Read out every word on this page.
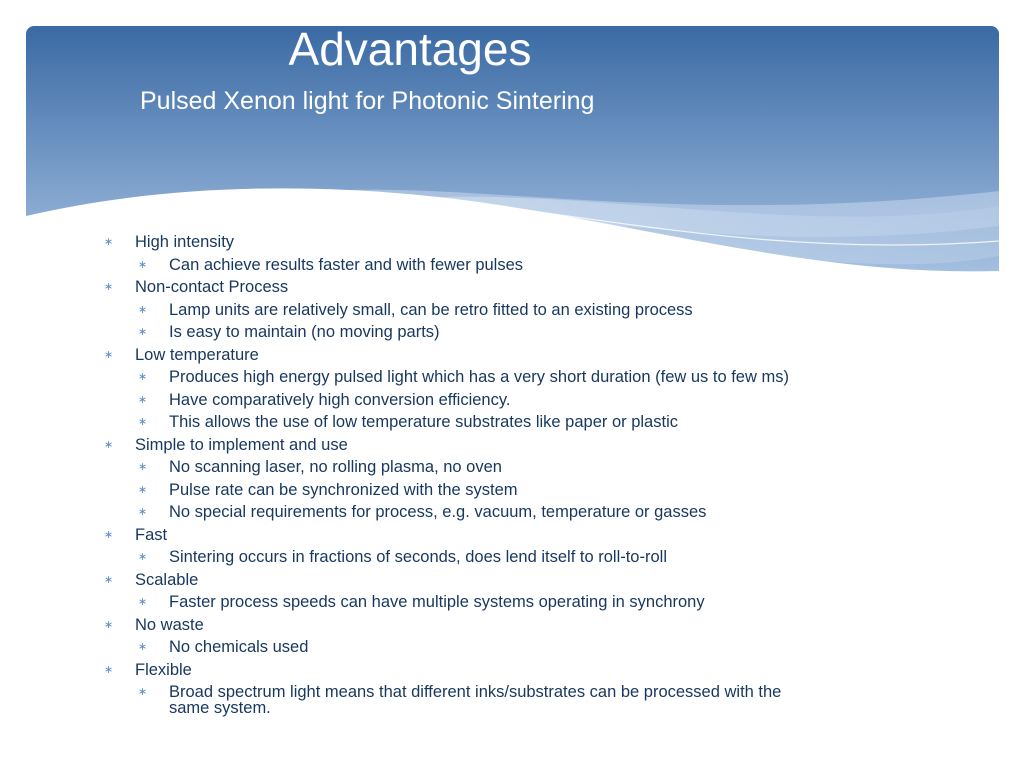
Advantages
Pulsed Xenon light for Photonic Sintering
∗ High intensity
∗ Can achieve results faster and with fewer pulses
∗ Non-contact Process
∗ Lamp units are relatively small, can be retro fitted to an existing process
∗ Is easy to maintain (no moving parts)
∗ Low temperature
∗ Produces high energy pulsed light which has a very short duration (few us to few ms)
∗ Have comparatively high conversion efficiency.
∗ This allows the use of low temperature substrates like paper or plastic
∗ Simple to implement and use
∗ No scanning laser, no rolling plasma, no oven
∗ Pulse rate can be synchronized with the system
∗ No special requirements for process, e.g. vacuum, temperature or gasses
∗ Fast
∗ Sintering occurs in fractions of seconds, does lend itself to roll-to-roll
∗ Scalable
∗ Faster process speeds can have multiple systems operating in synchrony
∗ No waste
∗ No chemicals used
∗ Flexible
∗ Broad spectrum light means that different inks/substrates can be processed with the same system.
